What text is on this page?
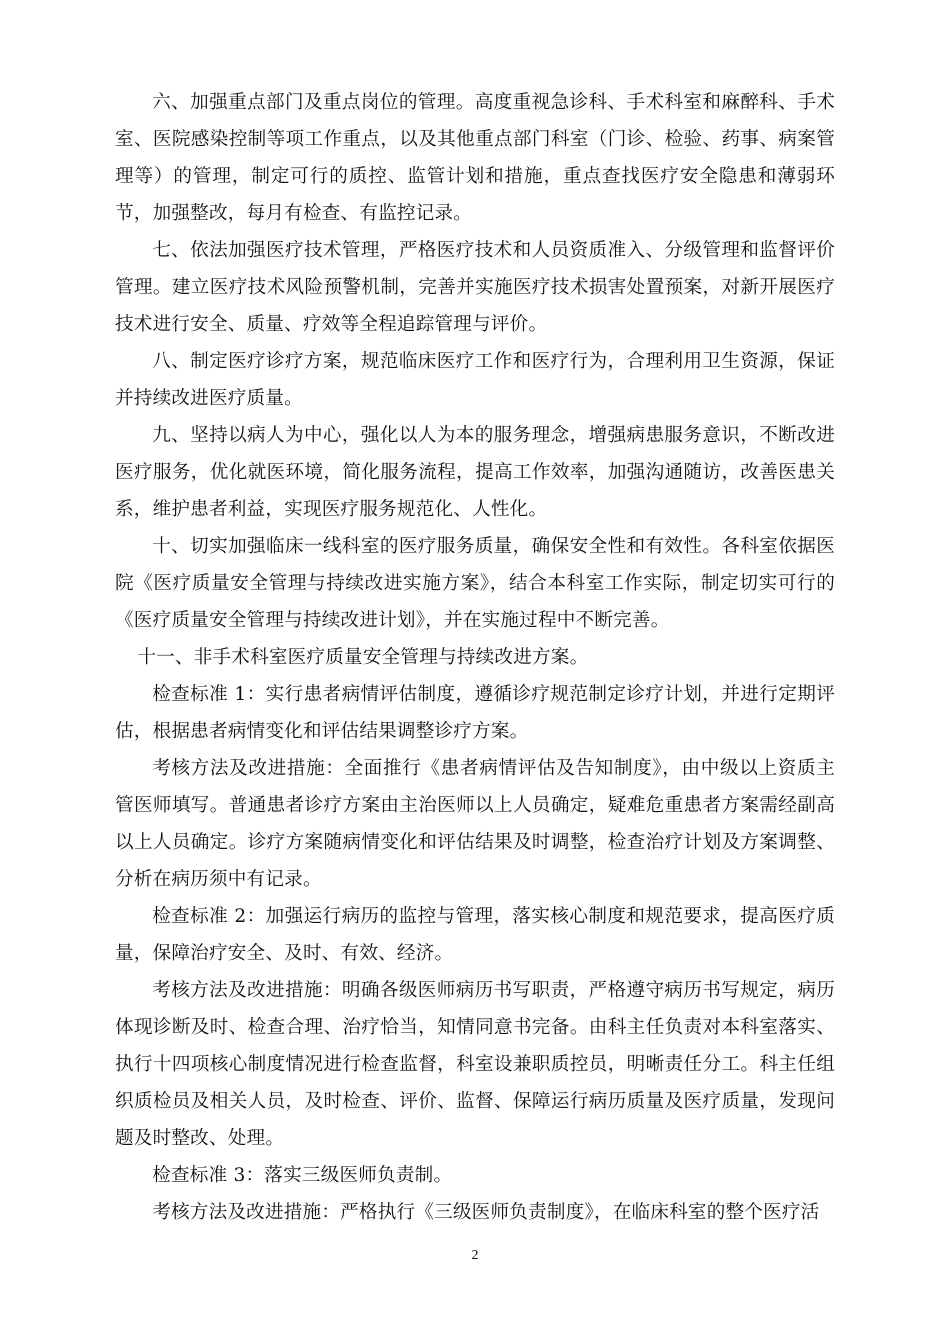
六、加强重点部门及重点岗位的管理。高度重视急诊科、手术科室和麻醉科、手术室、医院感染控制等项工作重点，以及其他重点部门科室（门诊、检验、药事、病案管理等）的管理，制定可行的质控、监管计划和措施，重点查找医疗安全隐患和薄弱环节，加强整改，每月有检查、有监控记录。

七、依法加强医疗技术管理，严格医疗技术和人员资质准入、分级管理和监督评价管理。建立医疗技术风险预警机制，完善并实施医疗技术损害处置预案，对新开展医疗技术进行安全、质量、疗效等全程追踪管理与评价。

八、制定医疗诊疗方案，规范临床医疗工作和医疗行为，合理利用卫生资源，保证并持续改进医疗质量。

九、坚持以病人为中心，强化以人为本的服务理念，增强病患服务意识，不断改进医疗服务，优化就医环境，简化服务流程，提高工作效率，加强沟通随访，改善医患关系，维护患者利益，实现医疗服务规范化、人性化。

十、切实加强临床一线科室的医疗服务质量，确保安全性和有效性。各科室依据医院《医疗质量安全管理与持续改进实施方案》，结合本科室工作实际，制定切实可行的《医疗质量安全管理与持续改进计划》，并在实施过程中不断完善。

十一、非手术科室医疗质量安全管理与持续改进方案。

检查标准 1：实行患者病情评估制度，遵循诊疗规范制定诊疗计划，并进行定期评估，根据患者病情变化和评估结果调整诊疗方案。

考核方法及改进措施：全面推行《患者病情评估及告知制度》，由中级以上资质主管医师填写。普通患者诊疗方案由主治医师以上人员确定，疑难危重患者方案需经副高以上人员确定。诊疗方案随病情变化和评估结果及时调整，检查治疗计划及方案调整、分析在病历须中有记录。

检查标准 2：加强运行病历的监控与管理，落实核心制度和规范要求，提高医疗质量，保障治疗安全、及时、有效、经济。

考核方法及改进措施：明确各级医师病历书写职责，严格遵守病历书写规定，病历体现诊断及时、检查合理、治疗恰当，知情同意书完备。由科主任负责对本科室落实、执行十四项核心制度情况进行检查监督，科室设兼职质控员，明晰责任分工。科主任组织质检员及相关人员，及时检查、评价、监督、保障运行病历质量及医疗质量，发现问题及时整改、处理。

检查标准 3：落实三级医师负责制。

考核方法及改进措施：严格执行《三级医师负责制度》，在临床科室的整个医疗活

2
